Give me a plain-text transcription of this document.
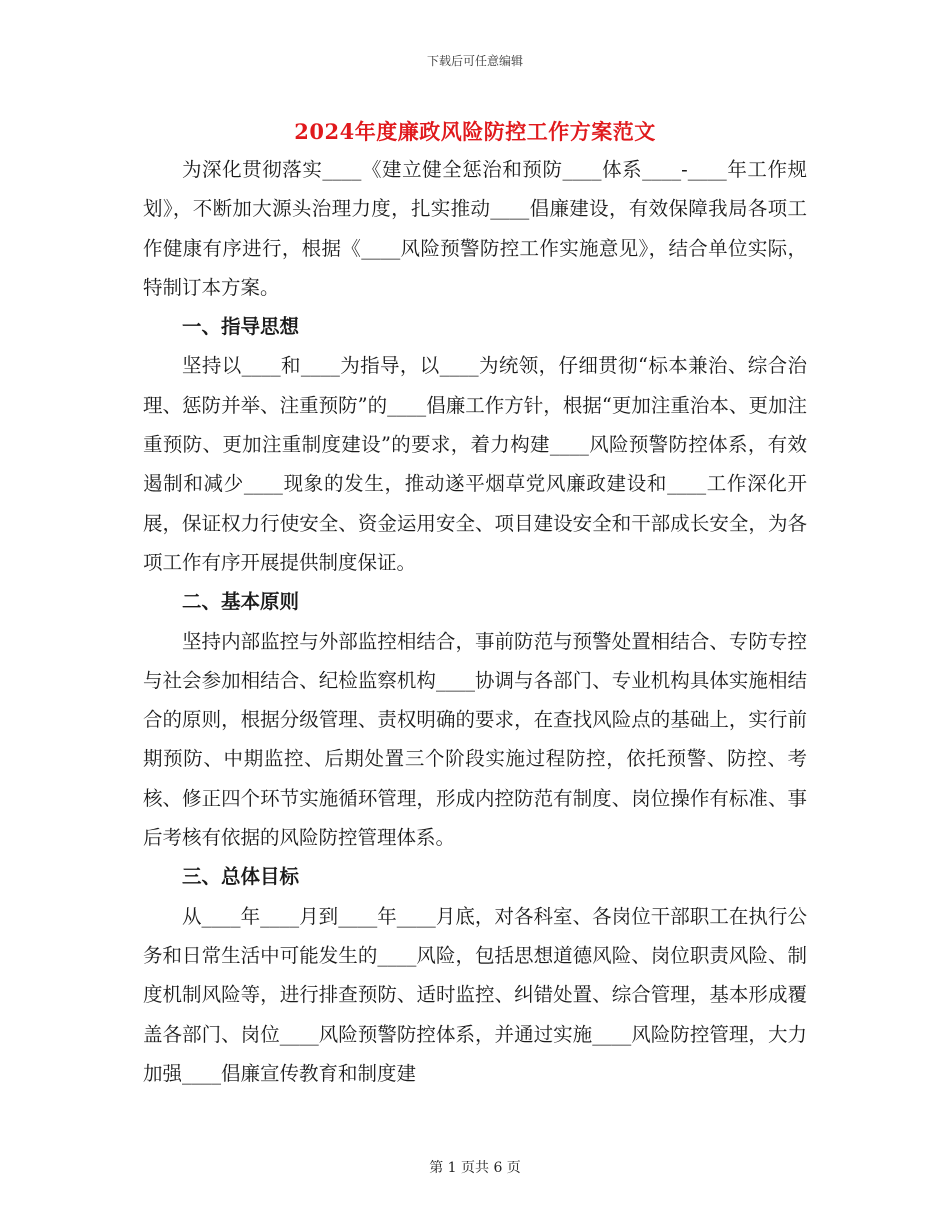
下载后可任意编辑
2024年度廉政风险防控工作方案范文

为深化贯彻落实____《建立健全惩治和预防____体系____-____年工作规划》，不断加大源头治理力度，扎实推动____倡廉建设，有效保障我局各项工作健康有序进行，根据《____风险预警防控工作实施意见》，结合单位实际，特制订本方案。

一、指导思想

坚持以____和____为指导，以____为统领，仔细贯彻“标本兼治、综合治理、惩防并举、注重预防”的____倡廉工作方针，根据“更加注重治本、更加注重预防、更加注重制度建设”的要求，着力构建____风险预警防控体系，有效遏制和减少____现象的发生，推动遂平烟草党风廉政建设和____工作深化开展，保证权力行使安全、资金运用安全、项目建设安全和干部成长安全，为各项工作有序开展提供制度保证。

二、基本原则

坚持内部监控与外部监控相结合，事前防范与预警处置相结合、专防专控与社会参加相结合、纪检监察机构____协调与各部门、专业机构具体实施相结合的原则，根据分级管理、责权明确的要求，在查找风险点的基础上，实行前期预防、中期监控、后期处置三个阶段实施过程防控，依托预警、防控、考核、修正四个环节实施循环管理，形成内控防范有制度、岗位操作有标准、事后考核有依据的风险防控管理体系。

三、总体目标

从____年____月到____年____月底，对各科室、各岗位干部职工在执行公务和日常生活中可能发生的____风险，包括思想道德风险、岗位职责风险、制度机制风险等，进行排查预防、适时监控、纠错处置、综合管理，基本形成覆盖各部门、岗位____风险预警防控体系，并通过实施____风险防控管理，大力加强____倡廉宣传教育和制度建

第 1 页共 6 页
